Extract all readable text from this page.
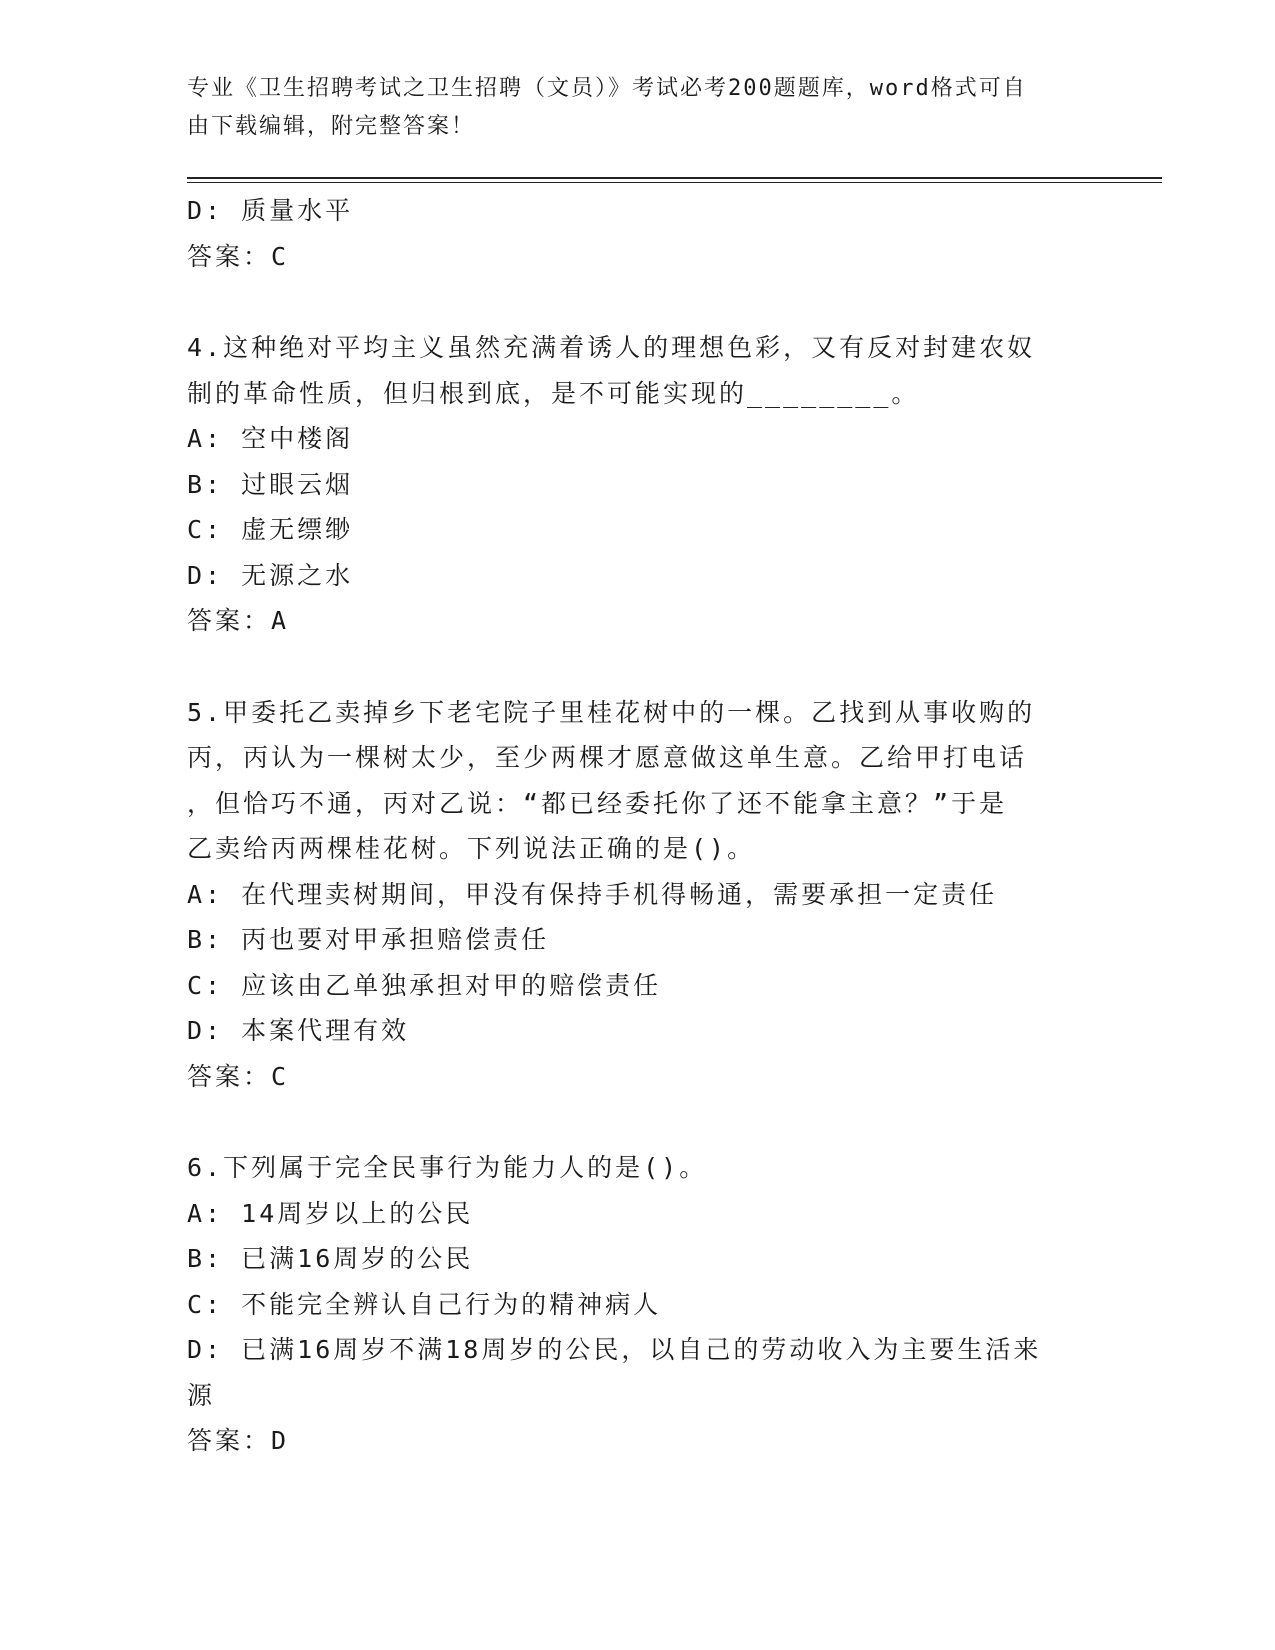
专业《卫生招聘考试之卫生招聘（文员）》考试必考200题题库，word格式可自
由下载编辑，附完整答案！
D: 质量水平
答案：C
4.这种绝对平均主义虽然充满着诱人的理想色彩，又有反对封建农奴
制的革命性质，但归根到底，是不可能实现的________。
A: 空中楼阁
B: 过眼云烟
C: 虚无缥缈
D: 无源之水
答案：A
5.甲委托乙卖掉乡下老宅院子里桂花树中的一棵。乙找到从事收购的
丙，丙认为一棵树太少，至少两棵才愿意做这单生意。乙给甲打电话
，但恰巧不通，丙对乙说：“都已经委托你了还不能拿主意？”于是
乙卖给丙两棵桂花树。下列说法正确的是()。
A: 在代理卖树期间，甲没有保持手机得畅通，需要承担一定责任
B: 丙也要对甲承担赔偿责任
C: 应该由乙单独承担对甲的赔偿责任
D: 本案代理有效
答案：C
6.下列属于完全民事行为能力人的是()。
A: 14周岁以上的公民
B: 已满16周岁的公民
C: 不能完全辨认自己行为的精神病人
D: 已满16周岁不满18周岁的公民，以自己的劳动收入为主要生活来
源
答案：D
